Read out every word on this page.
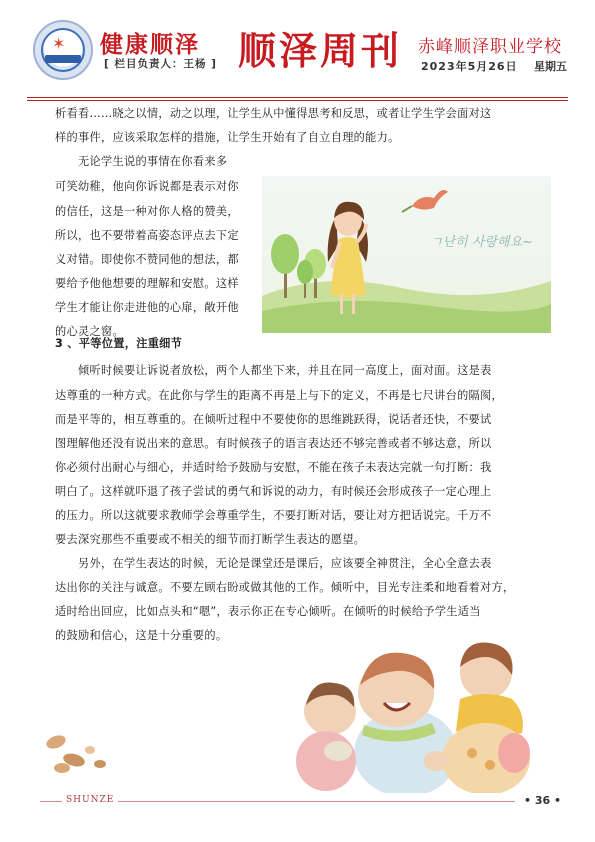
✶ 健康顺泽
[ 栏目负责人：王杨 ] 顺泽周刊 赤峰顺泽职业学校
2023年5月26日 星期五
析看看……晓之以情，动之以理，让学生从中懂得思考和反思，或者让学生学会面对这
样的事件，应该采取怎样的措施，让学生开始有了自立自理的能力。
无论学生说的事情在你看来多
可笑幼稚，他向你诉说都是表示对你
的信任，这是一种对你人格的赞美，
所以，也不要带着高姿态评点去下定
义对错。即使你不赞同他的想法，都
要给予他他想要的理解和安慰。这样
学生才能让你走进他的心扉，敞开他
的心灵之窗。
3 、平等位置，注重细节
倾听时候要让诉说者放松，两个人都坐下来，并且在同一高度上，面对面。这是表
达尊重的一种方式。在此你与学生的距离不再是上与下的定义，不再是七尺讲台的隔阂，
而是平等的，相互尊重的。在倾听过程中不要使你的思维跳跃得，说话者还快，不要试
图理解他还没有说出来的意思。有时候孩子的语言表达还不够完善或者不够达意，所以
你必须付出耐心与细心，并适时给予鼓励与安慰，不能在孩子未表达完就一句打断：我
明白了。这样就吓退了孩子尝试的勇气和诉说的动力，有时候还会形成孩子一定心理上
的压力。所以这就要求教师学会尊重学生，不要打断对话，要让对方把话说完。千万不
要去深究那些不重要或不相关的细节而打断学生表达的愿望。
另外，在学生表达的时候，无论是课堂还是课后，应该要全神贯注，全心全意去表
达出你的关注与诚意。不要左顾右盼或做其他的工作。倾听中，目光专注柔和地看着对方，
适时给出回应，比如点头和“嗯”，表示你正在专心倾听。在倾听的时候给予学生适当
的鼓励和信心，这是十分重要的。
ㄱ난히 사랑해요~
SHUNZE	• 36 •
